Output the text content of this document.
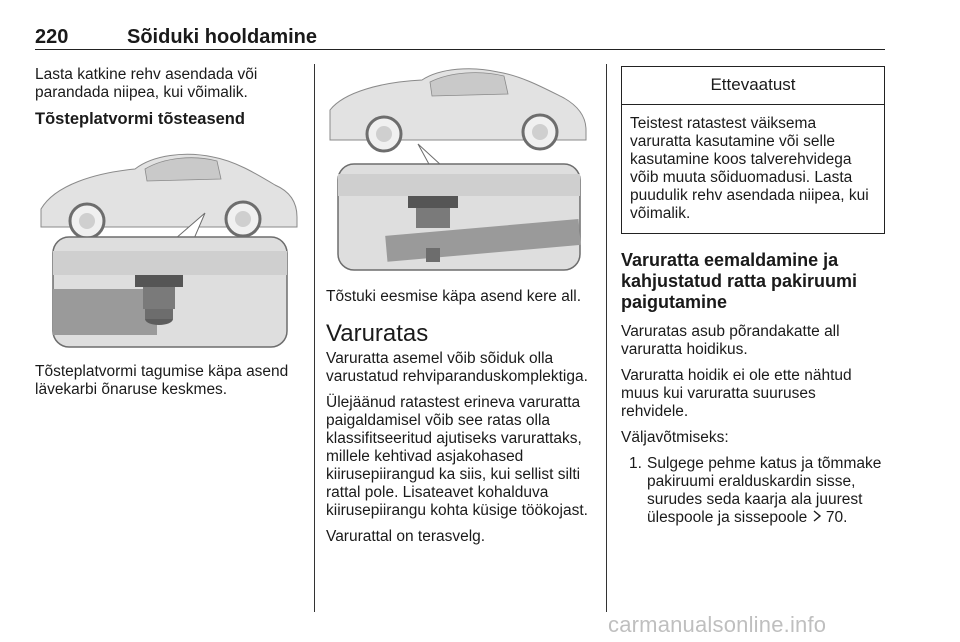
220	Sõiduki hooldamine

Lasta katkine rehv asendada või parandada niipea, kui võimalik.

Tõsteplatvormi tõsteasend

Tõsteplatvormi tagumise käpa asend lävekarbi õnaruse keskmes.

Tõstuki eesmise käpa asend kere all.

Varuratas

Varuratta asemel võib sõiduk olla varustatud rehviparanduskomplektiga.

Ülejäänud ratastest erineva varuratta paigaldamisel võib see ratas olla klassifitseeritud ajutiseks varurattaks, millele kehtivad asjakohased kiirusepiirangud ka siis, kui sellist silti rattal pole. Lisateavet kohalduva kiirusepiirangu kohta küsige töökojast.

Varurattal on terasvelg.

Ettevaatust
Teistest ratastest väiksema varuratta kasutamine või selle kasutamine koos talverehvidega võib muuta sõiduomadusi. Lasta puudulik rehv asendada niipea, kui võimalik.
Varuratta eemaldamine ja kahjustatud ratta pakiruumi paigutamine

Varuratas asub põrandakatte all varuratta hoidikus.

Varuratta hoidik ei ole ette nähtud muus kui varuratta suuruses rehvidele.

Väljavõtmiseks:

1. Sulgege pehme katus ja tõmmake pakiruumi eralduskardin sisse, surudes seda kaarja ala juurest ülespoole ja sissepoole 70.
carmanualsonline.info
